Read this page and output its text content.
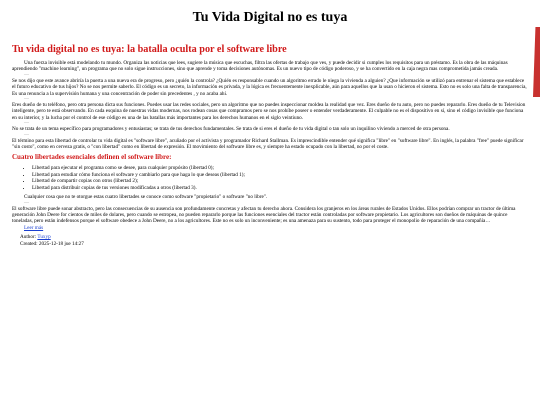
Tu Vida Digital no es tuya
Tu vida digital no es tuya: la batalla oculta por el software libre

Una fuerza invisible está modelando tu mundo. Organiza las noticias que lees, sugiere la música que escuchas, filtra las ofertas de trabajo que ves, y puede decidir si cumples los requisitos para un préstamo. Es la obra de las máquinas aprendiendo "machine learning", un programa que no solo sigue instrucciones, sino que aprende y toma decisiones autónomas. Es un nuevo tipo de código poderoso, y se ha convertido en la caja negra mas comprometida jamás creada.

—

Se nos dijo que este avance abriría la puerta a una nueva era de progreso, pero ¿quién la controla? ¿Quién es responsable cuando un algoritmo errado le niega la vivienda a alguien? ¿Que información se utilizó para entrenar el sistema que establece el futuro educativo de tus hijos? No se nos permite saberlo. El código es un secreto, la información es privada, y la lógica es frecuentemente inexplicable, aún para aquellos que la usan o hicieron el sistema. Esto no es solo una falta de transparencia, Es una renuncia a la supervisión humana y una concentración de poder sin precedentes , y no acaba ahí.

—

Eres dueño de tu teléfono, pero otra persona dicta sus funciones. Puedes usar las redes sociales, pero un algoritmo que no puedes inspeccionar moldea la realidad que vez. Eres dueño de tu auto, pero no puedes repararlo. Eres dueño de tu Television inteligente, pero te está observando. En cada esquina de nuestras vidas modernas, nos rodean cosas que compramos pero se nos prohíbe poseer o entender verdaderamente. El culpable no es el dispositivo en sí, sino el código invisible que funciona en su interior, y la lucha por el control de ese código es una de las batallas más importantes para los derechos humanos en el siglo veintiuno.

—

No se trata de un tema específico para programadores y entusiastas; se trata de tus derechos fundamentales. Se trata de si eres el dueño de tu vida digital o tan solo un inquilino viviendo a merced de otra persona.

—

El término para esta libertad de controlar tu vida digital es "software libre", acuñado por el activista y programador Richard Stallman. Es imprescindible entender qué significa "libre" en "software libre". En inglés, la palabra "free" puede significar "sin costo", como en cerveza gratis, o "con libertad" como en libertad de expresión. El movimiento del software libre es, y siempre ha estado ocupado con la libertad, no por el coste.

Cuatro libertades esenciales definen el software libre:
• Libertad para ejecutar el programa como se desee, para cualquier propósito (libertad 0);
• Libertad para estudiar cómo funciona el software y cambiarlo para que haga lo que deseas (libertad 1);
• Libertad de compartir copias con otros (libertad 2);
• Libertad para distribuir copias de tus versiones modificadas a otros (libertad 3).

Cualquier cosa que no te otorgue estas cuatro libertades se conoce como software "propietario" o software "no libre".

—

El software libre puede sonar abstracto, pero las consecuencias de su ausencia son profundamente concretas y afectan tu derecho ahora. Considera los granjeros en los áreas rurales de Estados Unidos. Ellos podrían comprar un tractor de última generación John Deere for cientos de miles de dolares, pero cuando se estropea, no pueden repararlo porque las funciones esenciales del tractor están controladas por software propietario. Los agricultores son dueños de máquinas de quince toneladas, pero están indefensos porque el software obedece a John Deere, no a los agricultores. Este no es solo un inconveniente; es una amenaza para su sustento, todo para proteger el monopolio de reparación de una compañía…
Leer más

Author: Tuxyp
Created: 2025-12-18 jue 14:27
